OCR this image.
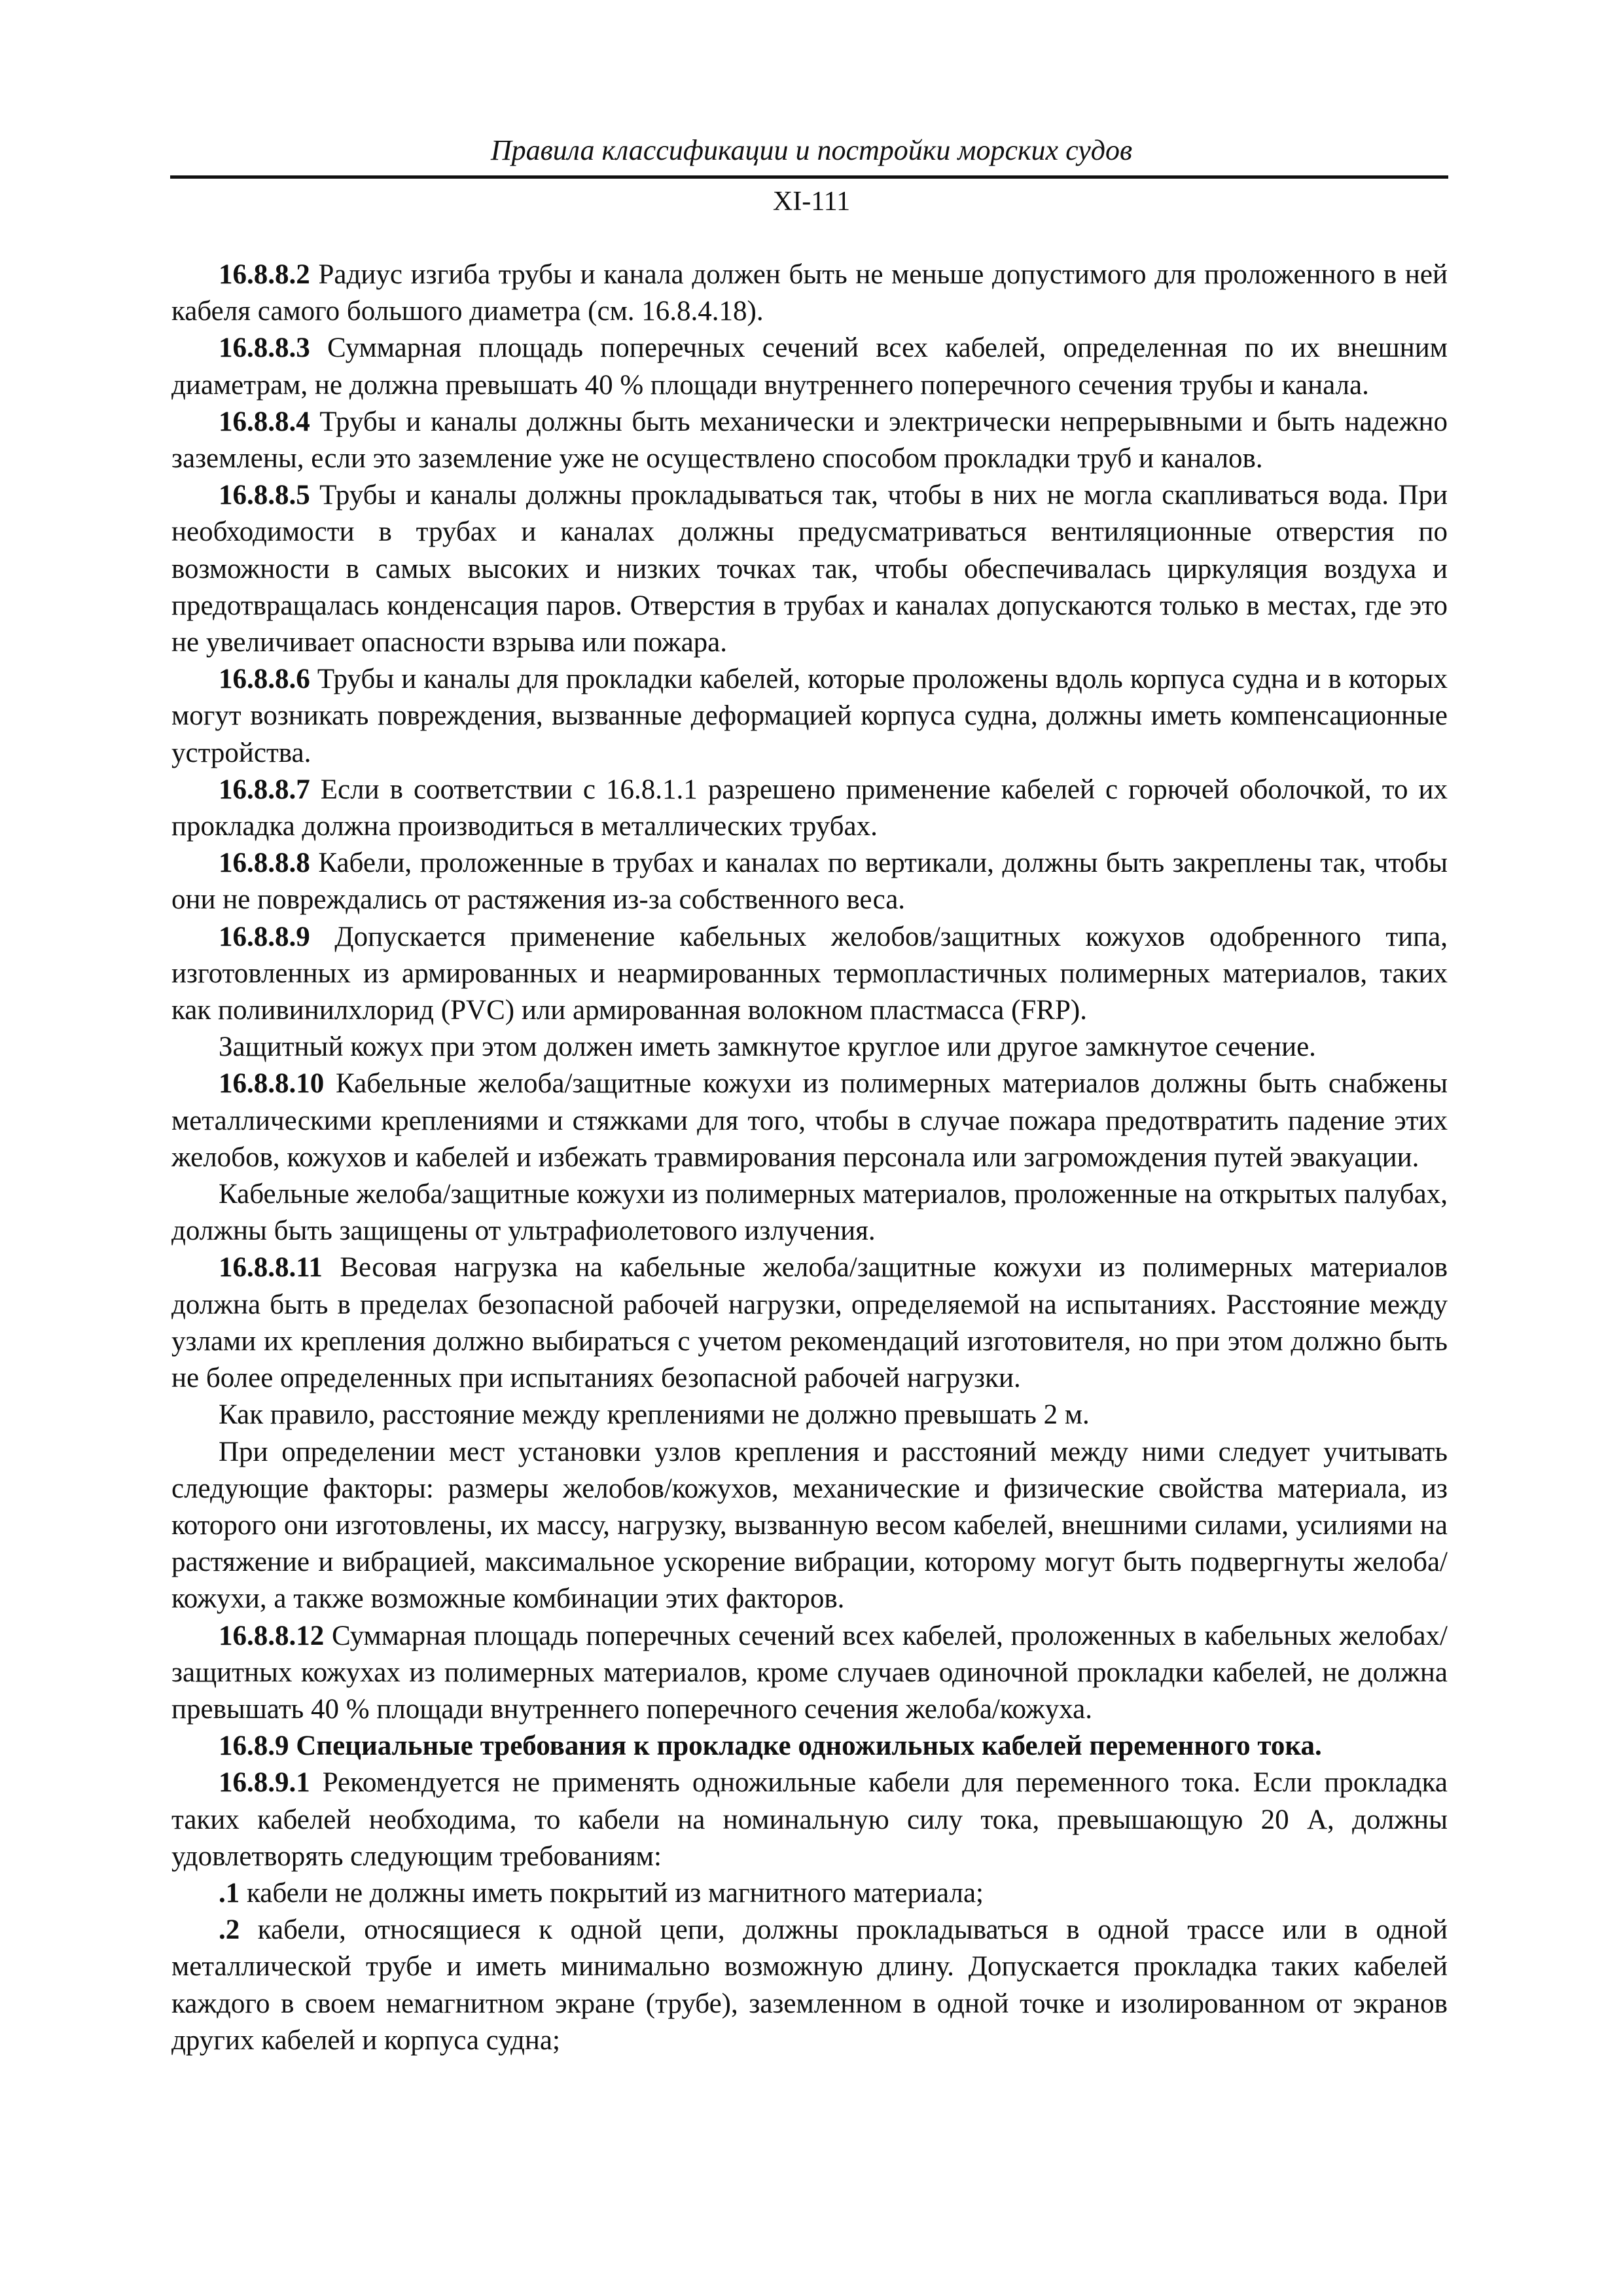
Правила классификации и постройки морских судов
XI-111

16.8.8.2 Радиус изгиба трубы и канала должен быть не меньше допустимого для проложенного в ней кабеля самого большого диаметра (см. 16.8.4.18).

16.8.8.3 Суммарная площадь поперечных сечений всех кабелей, определенная по их внешним диаметрам, не должна превышать 40 % площади внутреннего поперечного сечения трубы и канала.

16.8.8.4 Трубы и каналы должны быть механически и электрически непрерывными и быть надежно заземлены, если это заземление уже не осуществлено способом прокладки труб и каналов.

16.8.8.5 Трубы и каналы должны прокладываться так, чтобы в них не могла скапливаться вода. При необходимости в трубах и каналах должны предусматриваться вентиляционные отверстия по возможности в самых высоких и низких точках так, чтобы обеспечивалась циркуляция воздуха и предотвращалась конденсация паров. Отверстия в трубах и каналах допускаются только в местах, где это не увеличивает опасности взрыва или пожара.

16.8.8.6 Трубы и каналы для прокладки кабелей, которые проложены вдоль корпуса судна и в которых могут возникать повреждения, вызванные деформацией корпуса судна, должны иметь компенсационные устройства.

16.8.8.7 Если в соответствии с 16.8.1.1 разрешено применение кабелей с горючей оболочкой, то их прокладка должна производиться в металлических трубах.

16.8.8.8 Кабели, проложенные в трубах и каналах по вертикали, должны быть закреплены так, чтобы они не повреждались от растяжения из-за собственного веса.

16.8.8.9 Допускается применение кабельных желобов/защитных кожухов одобренного типа, изготовленных из армированных и неармированных термопластичных полимерных материалов, таких как поливинилхлорид (PVC) или армированная волокном пластмасса (FRP).

Защитный кожух при этом должен иметь замкнутое круглое или другое замкнутое сечение.

16.8.8.10 Кабельные желоба/защитные кожухи из полимерных материалов должны быть снабжены металлическими креплениями и стяжками для того, чтобы в случае пожара предотвратить падение этих желобов, кожухов и кабелей и избежать травмирования персонала или загромождения путей эвакуации.

Кабельные желоба/защитные кожухи из полимерных материалов, проложенные на открытых палубах, должны быть защищены от ультрафиолетового излучения.

16.8.8.11 Весовая нагрузка на кабельные желоба/защитные кожухи из полимерных материалов должна быть в пределах безопасной рабочей нагрузки, определяемой на испытаниях. Расстояние между узлами их крепления должно выбираться с учетом рекомендаций изготовителя, но при этом должно быть не более определенных при испытаниях безопасной рабочей нагрузки.

Как правило, расстояние между креплениями не должно превышать 2 м.

При определении мест установки узлов крепления и расстояний между ними следует учитывать следующие факторы: размеры желобов/кожухов, механические и физические свойства материала, из которого они изготовлены, их массу, нагрузку, вызванную весом кабелей, внешними силами, усилиями на растяжение и вибрацией, максимальное ускорение вибрации, которому могут быть подвергнуты желоба/кожухи, а также возможные комбинации этих факторов.

16.8.8.12 Суммарная площадь поперечных сечений всех кабелей, проложенных в кабельных желобах/защитных кожухах из полимерных материалов, кроме случаев одиночной прокладки кабелей, не должна превышать 40 % площади внутреннего поперечного сечения желоба/кожуха.

16.8.9 Специальные требования к прокладке одножильных кабелей переменного тока.

16.8.9.1 Рекомендуется не применять одножильные кабели для переменного тока. Если прокладка таких кабелей необходима, то кабели на номинальную силу тока, превышающую 20 А, должны удовлетворять следующим требованиям:

.1 кабели не должны иметь покрытий из магнитного материала;

.2 кабели, относящиеся к одной цепи, должны прокладываться в одной трассе или в одной металлической трубе и иметь минимально возможную длину. Допускается прокладка таких кабелей каждого в своем немагнитном экране (трубе), заземленном в одной точке и изолированном от экранов других кабелей и корпуса судна;
